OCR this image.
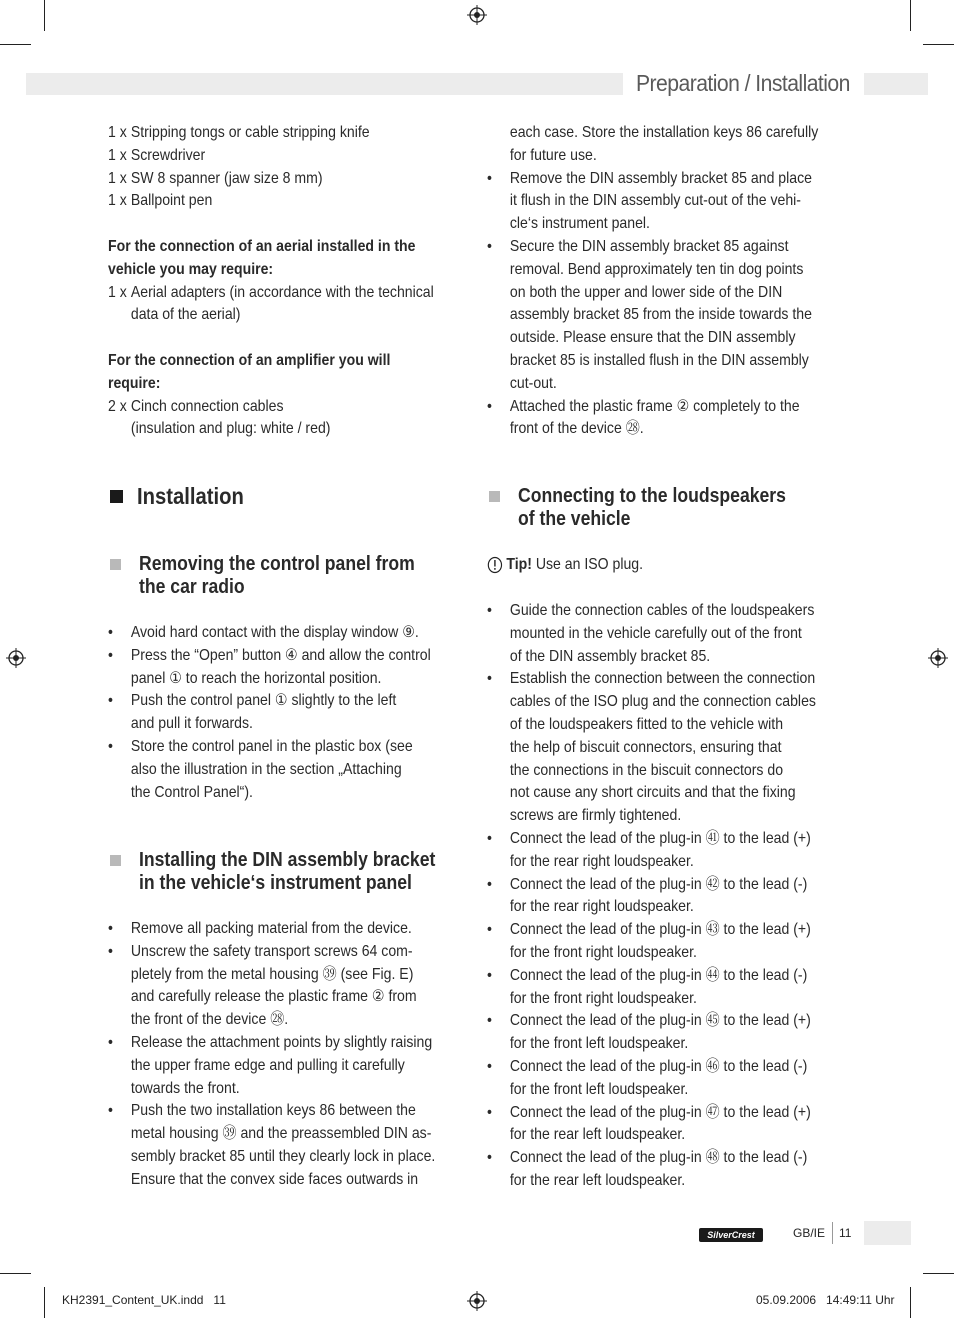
Preparation / Installation
1 x Stripping tongs or cable stripping knife
1 x Screwdriver
1 x SW 8 spanner (jaw size 8 mm)
1 x Ballpoint pen

For the connection of an aerial installed in the

vehicle you may require:

1 x Aerial adapters (in accordance with the technical
data of the aerial)

For the connection of an amplifier you will

require:

2 x Cinch connection cables
(insulation and plug: white / red)
Installation
Removing the control panel from
the car radio
•	Avoid hard contact with the display window ⑨.
•	Press the “Open” button ④ and allow the control
panel ① to reach the horizontal position.
•	Push the control panel ① slightly to the left
and pull it forwards.
•	Store the control panel in the plastic box (see
also the illustration in the section „Attaching
the Control Panel“).
Installing the DIN assembly bracket
in the vehicle‘s instrument panel
•	Remove all packing material from the device.
•	Unscrew the safety transport screws 64 com-
pletely from the metal housing ㊴ (see Fig. E)
and carefully release the plastic frame ② from
the front of the device ㉘.
•	Release the attachment points by slightly raising
the upper frame edge and pulling it carefully
towards the front.
•	Push the two installation keys 86 between the
metal housing ㊴ and the preassembled DIN as-
sembly bracket 85 until they clearly lock in place.
Ensure that the convex side faces outwards in
each case. Store the installation keys 86 carefully
for future use.
•	Remove the DIN assembly bracket 85 and place
it flush in the DIN assembly cut-out of the vehi-
cle‘s instrument panel.
•	Secure the DIN assembly bracket 85 against
removal. Bend approximately ten tin dog points
on both the upper and lower side of the DIN
assembly bracket 85 from the inside towards the
outside. Please ensure that the DIN assembly
bracket 85 is installed flush in the DIN assembly
cut-out.
•	Attached the plastic frame ② completely to the
front of the device ㉘.
Connecting to the loudspeakers
of the vehicle
Tip! Use an ISO plug.
•	Guide the connection cables of the loudspeakers
mounted in the vehicle carefully out of the front
of the DIN assembly bracket 85.
•	Establish the connection between the connection
cables of the ISO plug and the connection cables
of the loudspeakers fitted to the vehicle with
the help of biscuit connectors, ensuring that
the connections in the biscuit connectors do
not cause any short circuits and that the fixing
screws are firmly tightened.
•	Connect the lead of the plug-in ㊶ to the lead (+)
for the rear right loudspeaker.
•	Connect the lead of the plug-in ㊷ to the lead (-)
for the rear right loudspeaker.
•	Connect the lead of the plug-in ㊸ to the lead (+)
for the front right loudspeaker.
•	Connect the lead of the plug-in ㊹ to the lead (-)
for the front right loudspeaker.
•	Connect the lead of the plug-in ㊺ to the lead (+)
for the front left loudspeaker.
•	Connect the lead of the plug-in ㊻ to the lead (-)
for the front left loudspeaker.
•	Connect the lead of the plug-in ㊼ to the lead (+)
for the rear left loudspeaker.
•	Connect the lead of the plug-in ㊽ to the lead (-)
for the rear left loudspeaker.
SilverCrest	GB/IE 11
KH2391_Content_UK.indd   11	05.09.2006   14:49:11 Uhr
